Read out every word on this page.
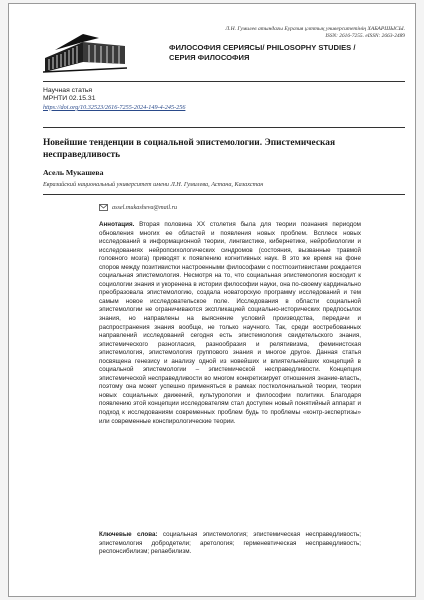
Л.Н. Гумилев атындағы Еуразия ұлттық университетінің ХАБАРШЫСЫ.
ISSN: 2616-7255. eISSN: 2663-2489
ФИЛОСОФИЯ СЕРИЯСЫ/ PHILOSOPHY STUDIES /
СЕРИЯ ФИЛОСОФИЯ
Научная статья
МРНТИ 02.15.31
https://doi.org/10.32523/2616-7255-2024-149-4-245-256
Новейшие тенденции в социальной эпистемологии. Эпистемическая
несправедливость
Асель Мукашева
Евразийский национальный университет имени Л.Н. Гумилева, Астана, Казахстан
assel.mukasheva@mail.ru
Аннотация. Вторая половина XX столетия была для теории познания периодом обновления многих ее областей и появления новых проблем. Всплеск новых исследований в информационной теории, лингвистике, кибернетике, нейробиологии и исследованиях нейропсихологических синдромов (состояния, вызванные травмой головного мозга) приводят к появлению когнитивных наук. В это же время на фоне споров между позитивистки настроенными философами с постпозитивистами рождается социальная эпистемология. Несмотря на то, что социальная эпистемология восходит к социологии знания и укоренена в истории философии науки, она по-своему кардинально преобразовала эпистемологию, создала новаторскую программу исследований и тем самым новое исследовательское поле. Исследования в области социальной эпистемологии не ограничиваются экспликацией социально-исторических предпосылок знания, но направлены на выяснение условий производства, передачи и распространения знания вообще, не только научного. Так, среди востребованных направлений исследований сегодня есть эпистемология свидетельского знания, эпистемического разногласия, разнообразия и релятивизма, феминистская эпистемология, эпистемология группового знания и многое другое. Данная статья посвящена генезису и анализу одной из новейших и влиятельнейших концепций в социальной эпистемологии – эпистемической несправедливости. Концепция эпистемической несправедливости во многом конкретизирует отношения знание-власть, поэтому она может успешно применяться в рамках постколониальной теории, теории новых социальных движений, культурологии и философии политики. Благодаря появлению этой концепции исследователям стал доступен новый понятийный аппарат и подход к исследованиям современных проблем будь то проблемы «контр-экспертизы» или современные конспирологические теории.
Ключевые слова: социальная эпистемология; эпистемическая несправедливость; эпистемология добродетели; аретология; герменевтическая несправедливость; респонсибилизм; релаебилизм.
